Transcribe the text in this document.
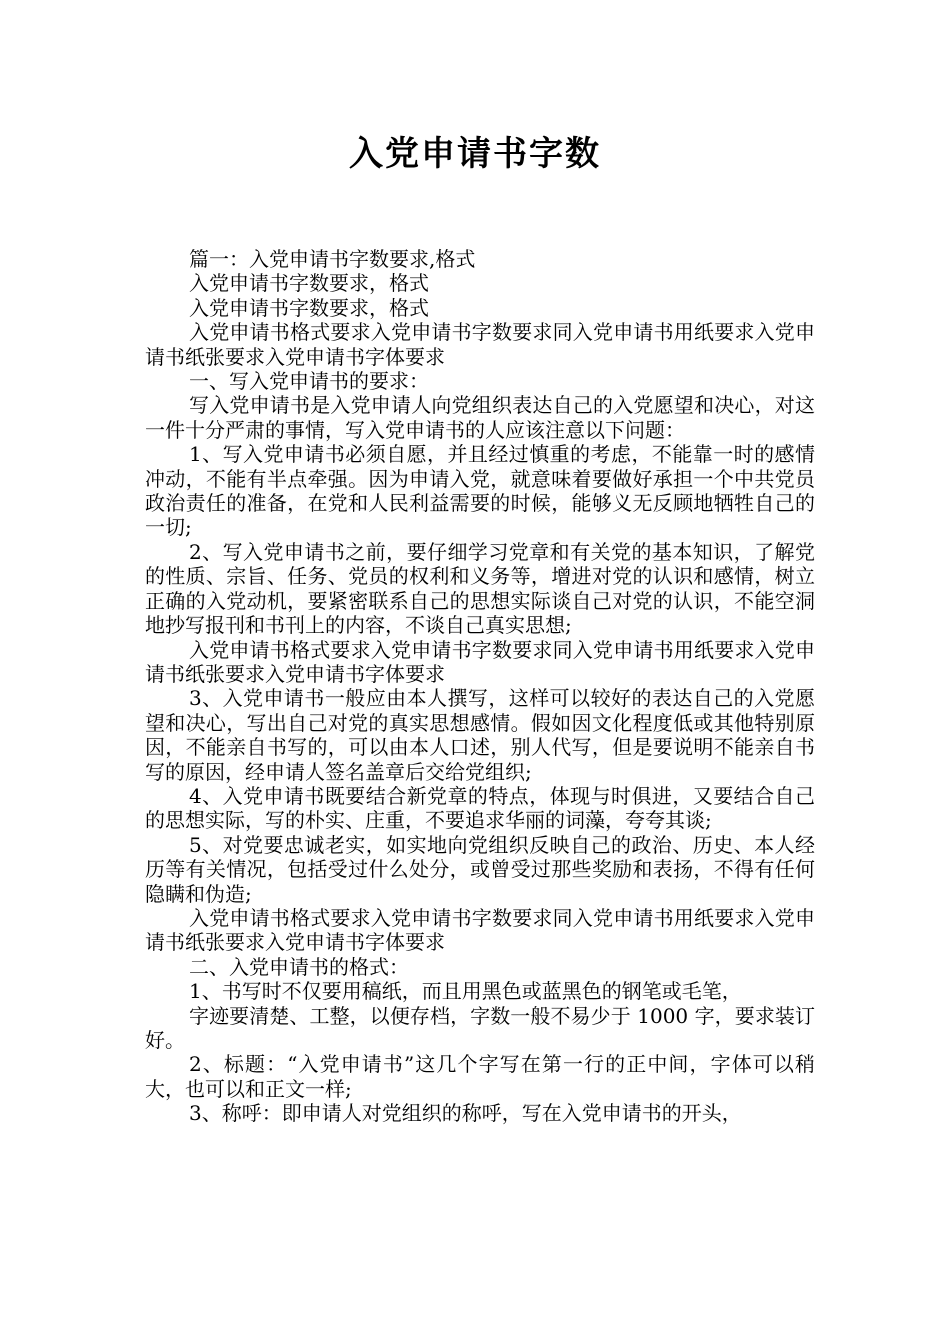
入党申请书字数

篇一：入党申请书字数要求,格式

入党申请书字数要求，格式

入党申请书字数要求，格式

入党申请书格式要求入党申请书字数要求同入党申请书用纸要求入党申请书纸张要求入党申请书字体要求

一、写入党申请书的要求：

写入党申请书是入党申请人向党组织表达自己的入党愿望和决心，对这一件十分严肃的事情，写入党申请书的人应该注意以下问题：

1、写入党申请书必须自愿，并且经过慎重的考虑，不能靠一时的感情冲动，不能有半点牵强。因为申请入党，就意味着要做好承担一个中共党员政治责任的准备，在党和人民利益需要的时候，能够义无反顾地牺牲自己的一切;

2、写入党申请书之前，要仔细学习党章和有关党的基本知识，了解党的性质、宗旨、任务、党员的权利和义务等，增进对党的认识和感情，树立正确的入党动机，要紧密联系自己的思想实际谈自己对党的认识，不能空洞地抄写报刊和书刊上的内容，不谈自己真实思想;

入党申请书格式要求入党申请书字数要求同入党申请书用纸要求入党申请书纸张要求入党申请书字体要求

3、入党申请书一般应由本人撰写，这样可以较好的表达自己的入党愿望和决心，写出自己对党的真实思想感情。假如因文化程度低或其他特别原因，不能亲自书写的，可以由本人口述，别人代写，但是要说明不能亲自书写的原因，经申请人签名盖章后交给党组织;

4、入党申请书既要结合新党章的特点，体现与时俱进，又要结合自己的思想实际，写的朴实、庄重，不要追求华丽的词藻，夸夸其谈;

5、对党要忠诚老实，如实地向党组织反映自己的政治、历史、本人经历等有关情况，包括受过什么处分，或曾受过那些奖励和表扬，不得有任何隐瞒和伪造;

入党申请书格式要求入党申请书字数要求同入党申请书用纸要求入党申请书纸张要求入党申请书字体要求

二、入党申请书的格式：

1、书写时不仅要用稿纸，而且用黑色或蓝黑色的钢笔或毛笔，

字迹要清楚、工整，以便存档，字数一般不易少于 1000 字，要求装订好。

2、标题：“入党申请书”这几个字写在第一行的正中间，字体可以稍大，也可以和正文一样;

3、称呼：即申请人对党组织的称呼，写在入党申请书的开头，
